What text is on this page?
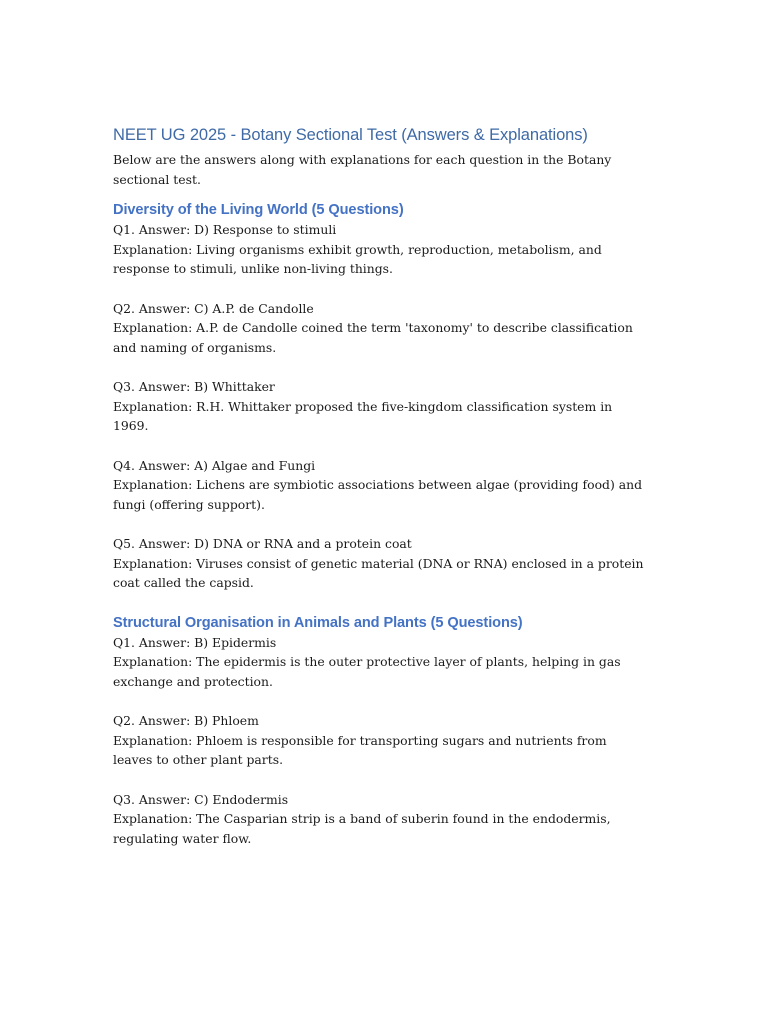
NEET UG 2025 - Botany Sectional Test (Answers & Explanations)

Below are the answers along with explanations for each question in the Botany sectional test.

Diversity of the Living World (5 Questions)

Q1. Answer: D) Response to stimuli

Explanation: Living organisms exhibit growth, reproduction, metabolism, and response to stimuli, unlike non-living things.

Q2. Answer: C) A.P. de Candolle

Explanation: A.P. de Candolle coined the term 'taxonomy' to describe classification and naming of organisms.

Q3. Answer: B) Whittaker

Explanation: R.H. Whittaker proposed the five-kingdom classification system in 1969.

Q4. Answer: A) Algae and Fungi

Explanation: Lichens are symbiotic associations between algae (providing food) and fungi (offering support).

Q5. Answer: D) DNA or RNA and a protein coat

Explanation: Viruses consist of genetic material (DNA or RNA) enclosed in a protein coat called the capsid.

Structural Organisation in Animals and Plants (5 Questions)

Q1. Answer: B) Epidermis

Explanation: The epidermis is the outer protective layer of plants, helping in gas exchange and protection.

Q2. Answer: B) Phloem

Explanation: Phloem is responsible for transporting sugars and nutrients from leaves to other plant parts.

Q3. Answer: C) Endodermis

Explanation: The Casparian strip is a band of suberin found in the endodermis, regulating water flow.
